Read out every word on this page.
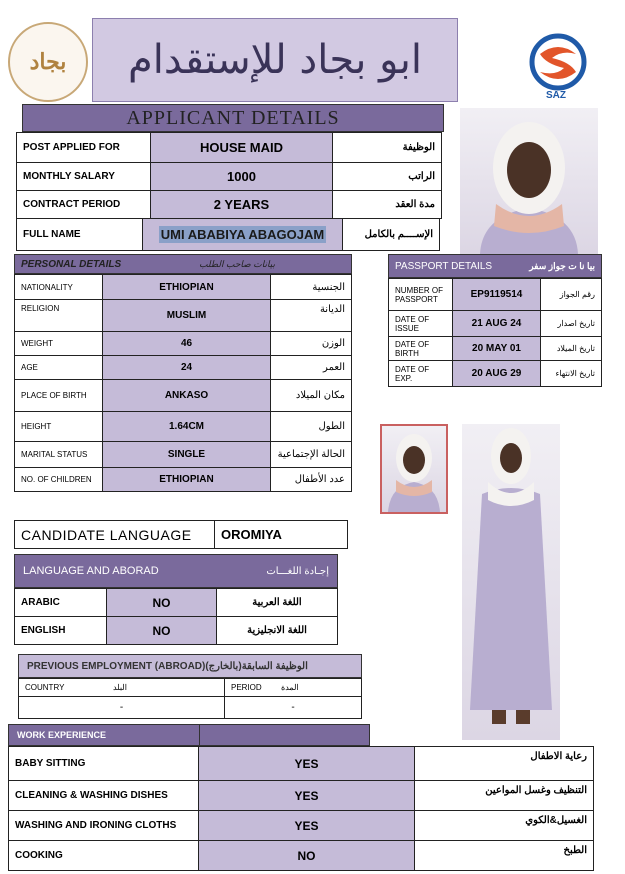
بجاد ابو بجاد للإستقدام
SAZ
APPLICANT DETAILS
POST APPLIED FOR	HOUSE MAID	الوظيفة
MONTHLY SALARY	1000	الراتب
CONTRACT PERIOD	2 YEARS	مدة العقد
FULL NAME	UMI ABABIYA ABAGOJAM	الإســــم بالكامل
PERSONAL DETAILS	بيانات صاحب الطلب
NATIONALITY	ETHIOPIAN	الجنسية
RELIGION	MUSLIM	الديانة
WEIGHT	46	الوزن
AGE	24	العمر
PLACE OF BIRTH	ANKASO	مكان الميلاد
HEIGHT	1.64CM	الطول
MARITAL STATUS	SINGLE	الحالة الإجتماعية
NO. OF CHILDREN	ETHIOPIAN	عدد الأطفال
PASSPORT DETAILS	بيا نا ت جواز سفر
NUMBER OF PASSPORT	EP9119514	رقم الجواز
DATE OF ISSUE	21 AUG 24	تاريخ اصدار
DATE OF BIRTH	20 MAY 01	تاريخ الميلاد
DATE OF EXP.	20 AUG 29	تاريخ الانتهاء
CANDIDATE LANGUAGE	OROMIYA
LANGUAGE AND ABORAD	إجـادة اللغـــات
ARABIC	NO	اللغة العربية
ENGLISH	NO	اللغة الانجليزية
PREVIOUS EMPLOYMENT (ABROAD)(بالخارج) الوظيفة السابقة
COUNTRY البلد	PERIOD المدة

-	-
WORK EXPERIENCE
BABY SITTING	YES	رعاية الاطفال
CLEANING & WASHING DISHES	YES	التنظيف وغسل المواعين
WASHING AND IRONING CLOTHS	YES	الغسيل&الكوي
COOKING	NO	الطبخ
